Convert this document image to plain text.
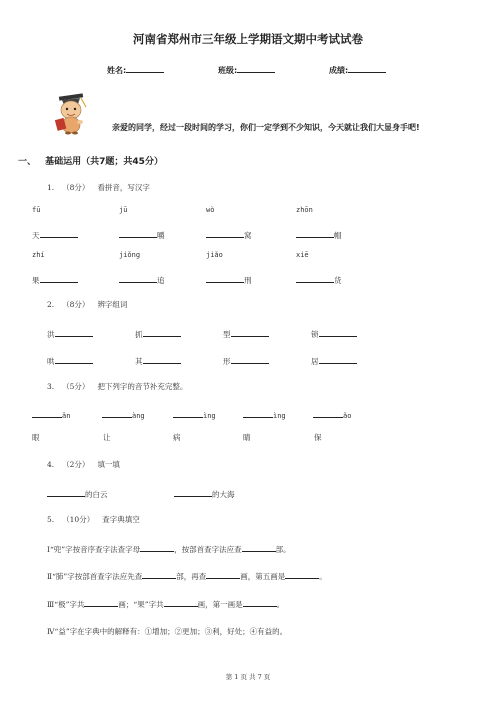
河南省郑州市三年级上学期语文期中考试试卷
姓名:	班级:	成绩:
亲爱的同学，经过一段时间的学习，你们一定学到不少知识，今天就让我们大显身手吧!
一、 基础运用（共7题；共45分）
1. （8分） 看拼音，写汉字
fū	jū	wò	zhōn
天	嚼	窝	帽
zhí	jiǒng	jiǎo	xiē
果	追	刑	货
2. （8分） 辨字组词
洪	抓	型	锁
哄	其	形	居
3. （5分） 把下列字的音节补充完整。
ǎn	àng	ìng	ìng	ǎo
眼	让	病	睛	保
4. （2分） 填一填
的白云	的大海
5. （10分） 查字典填空
Ⅰ“兜”字按音序查字法查字母	，按部首查字法应查	部。
Ⅱ“肺”字按部首查字法应先查	部，再查	画，第五画是	。
Ⅲ“极”字共	画；“果”字共	画，第一画是	。
Ⅳ“益”字在字典中的解释有：①增加；②更加；③利，好处；④有益的。
第 1 页 共 7 页
